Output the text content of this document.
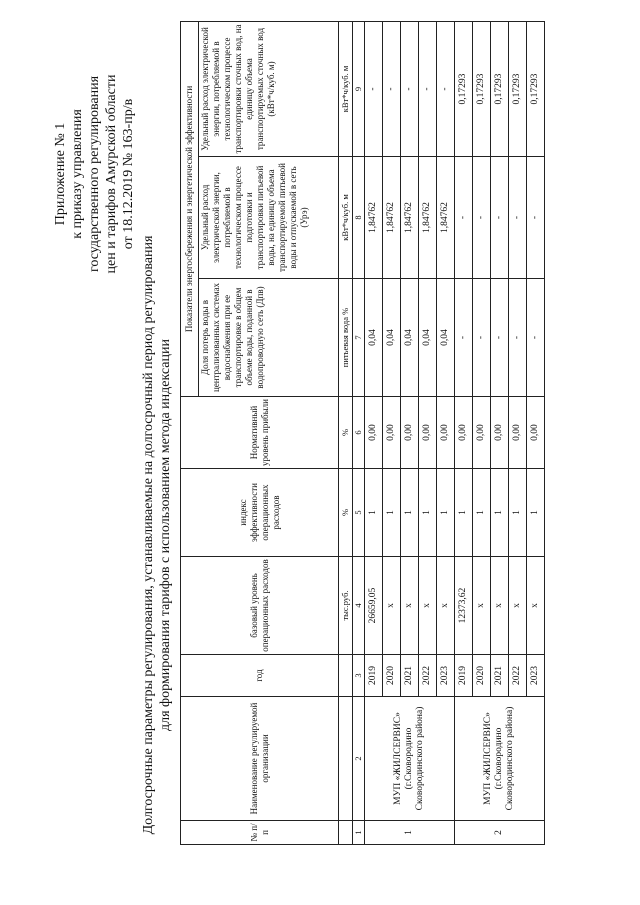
Приложение № 1 к приказу управления государственного регулирования цен и тарифов Амурской области от 18.12.2019 № 163-пр/в
Долгосрочные параметры регулирования, устанавливаемые на долгосрочный период регулирования для формирования тарифов с использованием метода индексации
№ п/п	Наименование регулируемой организации	год	базовый уровень операционных расходов	индекс эффективности операционных расходов	Нормативный уровень прибыли	Показатели энергосбережения и энергетической эффективности		
						Доля потерь воды в централизованных системах водоснабжения при ее транспортировке в общем объеме воды, поданной в водопроводную сеть (Дпв)	Удельный расход электрической энергии, потребляемой в технологическом процессе подготовки и транспортировки питьевой воды, на единицу объема транспортируемой питьевой воды и отпускаемой в сеть (Урэ)	Удельный расход электрической энергии, потребляемой в технологическом процессе транспортировки сточных вод, на единицу объема транспортируемых сточных вод (кВт*ч/куб. м)
			тыс.руб.	%	%	питьевая вода %	кВт*ч/куб. м	кВт*ч/куб. м
1	2	3	4	5	6	7	8	9
1	МУП «ЖИЛСЕРВИС» (г.Сковородино Сковородинского района)	2019	26659,05	1	0,00	0,04	1,84762	-
		2020	x	1	0,00	0,04	1,84762	-
		2021	x	1	0,00	0,04	1,84762	-
		2022	x	1	0,00	0,04	1,84762	-
		2023	x	1	0,00	0,04	1,84762	-
2	МУП «ЖИЛСЕРВИС» (г.Сковородино Сковородинского района)	2019	12373,62	1	0,00	-	-	0,17293
		2020	x	1	0,00	-	-	0,17293
		2021	x	1	0,00	-	-	0,17293
		2022	x	1	0,00	-	-	0,17293
		2023	x	1	0,00	-	-	0,17293
